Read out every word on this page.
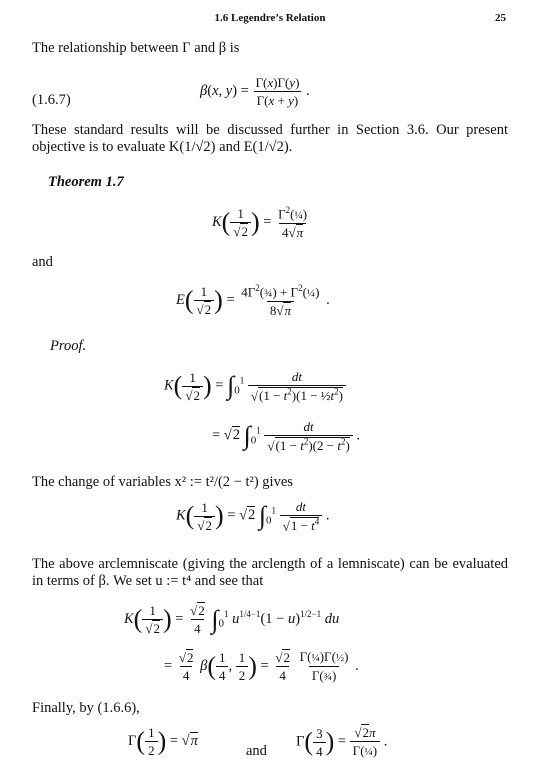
1.6 Legendre’s Relation	25
The relationship between Γ and β is
(1.6.7)
β(x, $y) = \frac{\Gamma(x)\Gamma(y)}{\Gamma(x + y)}$ .
These standard results will be discussed further in Section 3.6. Our present objective is to evaluate K(1/√2) and E(1/√2).
Theorem 1.7
$K( \frac{1}{√2}$ ) = $\frac{\Gamma^2(\frac{1}{4})}{4√\pi}$
and
$E( \frac{1}{√2}$ ) = $\frac{4\Gamma^2(\frac{3}{4}) + \Gamma^2(\frac{1}{4})}{8√\pi}$ .
Proof.
$K( \frac{1}{√2}$ ) = $\int_0^1 \frac{dt}{√(1 - t^2)(1 - \frac{1}{2}t^2)}$
= √2 $\int_0^1 \frac{dt}{√(1 - t^2)(2 - t^2)}$ .
The change of variables x² := t²/(2 − t²) gives
$K( \frac{1}{√2}$ ) = √2 $\int_0^1 \frac{dt}{√1 - t^4}$ .
The above arclemniscate (giving the arclength of a lemniscate) can be evaluated in terms of β. We set u := t⁴ and see that
$K( \frac{1}{√2}$ ) = $\frac{√2}{4} \int_0^1$ $u^{1/4-1}(1 - u)^{1/2-1}$ du
= $\frac{√2}{4} \beta( \frac{1}{4}$ , $\frac{1}{2}$ ) = $\frac{√2}{4}$
$\frac{\text{Γ(¼)Γ(½)}}{\text{Γ(¾)}}$ .
Finally, by (1.6.6),
$\Gamma( \frac{1}{2}$ ) = √π
and
$\Gamma( \frac{3}{4}$ ) = $\frac{√2\pi}{\text{Γ(¼)}}$ .
